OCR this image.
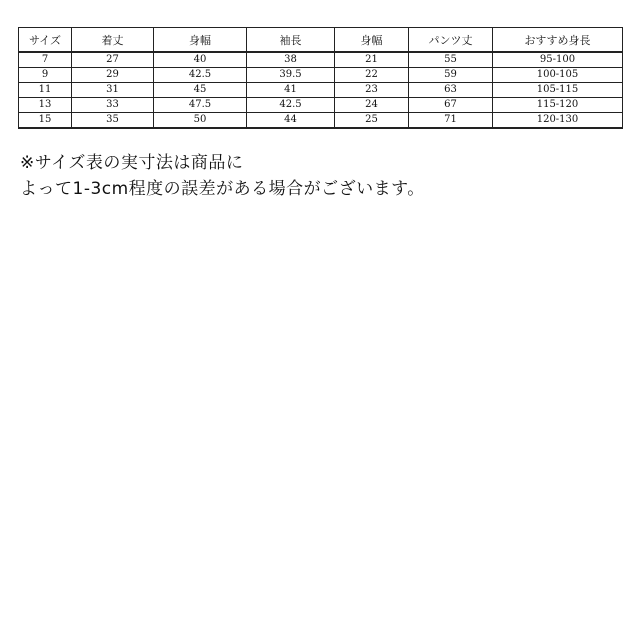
サイズ	着丈	身幅	袖長	身幅	パンツ丈	おすすめ身長
7	27	40	38	21	55	95-100
9	29	42.5	39.5	22	59	100-105
11	31	45	41	23	63	105-115
13	33	47.5	42.5	24	67	115-120
15	35	50	44	25	71	120-130
※サイズ表の実寸法は商品に
よって1-3cm程度の誤差がある場合がございます。
